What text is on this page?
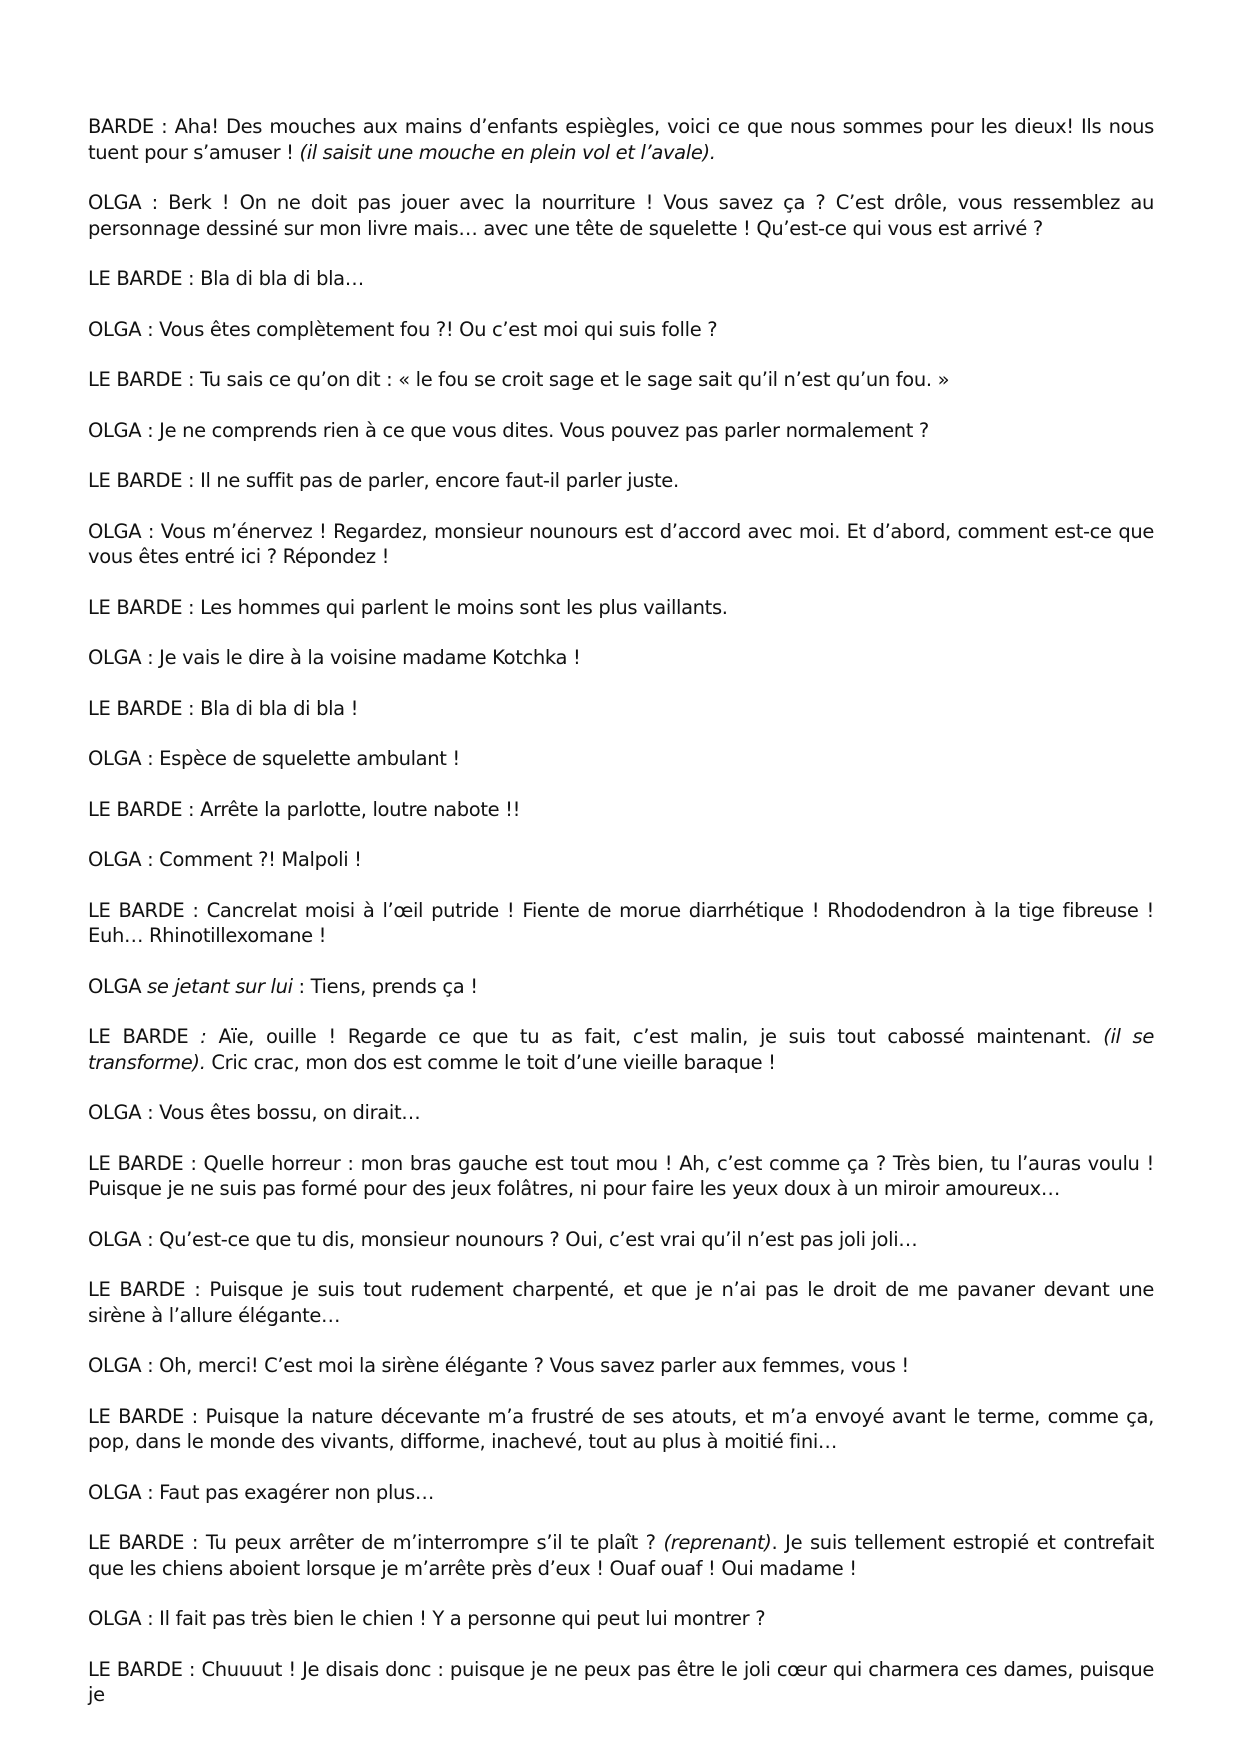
BARDE : Aha! Des mouches aux mains d’enfants espiègles, voici ce que nous sommes pour les dieux! Ils nous tuent pour s’amuser ! (il saisit une mouche en plein vol et l’avale).

OLGA : Berk ! On ne doit pas jouer avec la nourriture ! Vous savez ça ? C’est drôle, vous ressemblez au personnage dessiné sur mon livre mais… avec une tête de squelette ! Qu’est-ce qui vous est arrivé ?

LE BARDE : Bla di bla di bla…

OLGA : Vous êtes complètement fou ?! Ou c’est moi qui suis folle ?

LE BARDE : Tu sais ce qu’on dit : « le fou se croit sage et le sage sait qu’il n’est qu’un fou. »

OLGA : Je ne comprends rien à ce que vous dites. Vous pouvez pas parler normalement ?

LE BARDE : Il ne suffit pas de parler, encore faut-il parler juste.

OLGA : Vous m’énervez ! Regardez, monsieur nounours est d’accord avec moi. Et d’abord, comment est-ce que vous êtes entré ici ? Répondez !

LE BARDE : Les hommes qui parlent le moins sont les plus vaillants.

OLGA : Je vais le dire à la voisine madame Kotchka !

LE BARDE : Bla di bla di bla !

OLGA : Espèce de squelette ambulant !

LE BARDE : Arrête la parlotte, loutre nabote !!

OLGA : Comment ?! Malpoli !

LE BARDE : Cancrelat moisi à l’œil putride ! Fiente de morue diarrhétique ! Rhododendron à la tige fibreuse ! Euh… Rhinotillexomane !

OLGA se jetant sur lui : Tiens, prends ça !

LE BARDE : Aïe, ouille ! Regarde ce que tu as fait, c’est malin, je suis tout cabossé maintenant. (il se transforme). Cric crac, mon dos est comme le toit d’une vieille baraque !

OLGA : Vous êtes bossu, on dirait…

LE BARDE : Quelle horreur : mon bras gauche est tout mou ! Ah, c’est comme ça ? Très bien, tu l’auras voulu ! Puisque je ne suis pas formé pour des jeux folâtres, ni pour faire les yeux doux à un miroir amoureux…

OLGA : Qu’est-ce que tu dis, monsieur nounours ? Oui, c’est vrai qu’il n’est pas joli joli…

LE BARDE : Puisque je suis tout rudement charpenté, et que je n’ai pas le droit de me pavaner devant une sirène à l’allure élégante…

OLGA : Oh, merci! C’est moi la sirène élégante ? Vous savez parler aux femmes, vous !

LE BARDE : Puisque la nature décevante m’a frustré de ses atouts, et m’a envoyé avant le terme, comme ça, pop, dans le monde des vivants, difforme, inachevé, tout au plus à moitié fini…

OLGA : Faut pas exagérer non plus…

LE BARDE : Tu peux arrêter de m’interrompre s’il te plaît ? (reprenant). Je suis tellement estropié et contrefait que les chiens aboient lorsque je m’arrête près d’eux ! Ouaf ouaf ! Oui madame !

OLGA : Il fait pas très bien le chien ! Y a personne qui peut lui montrer ?

LE BARDE : Chuuuut ! Je disais donc : puisque je ne peux pas être le joli cœur qui charmera ces dames, puisque je
